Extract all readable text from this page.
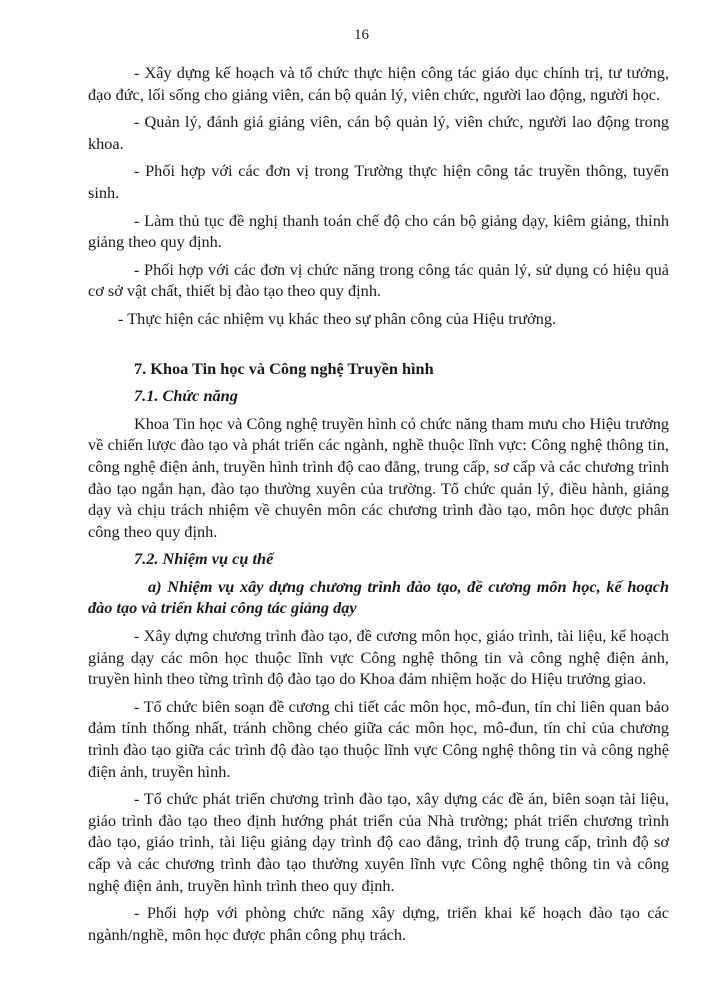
16

- Xây dựng kế hoạch và tổ chức thực hiện công tác giáo dục chính trị, tư tưởng, đạo đức, lối sống cho giảng viên, cán bộ quản lý, viên chức, người lao động, người học.

- Quản lý, đánh giá giảng viên, cán bộ quản lý, viên chức, người lao động trong khoa.

- Phối hợp với các đơn vị trong Trường thực hiện công tác truyền thông, tuyển sinh.

- Làm thủ tục đề nghị thanh toán chế độ cho cán bộ giảng dạy, kiêm giảng, thỉnh giảng theo quy định.

- Phối hợp với các đơn vị chức năng trong công tác quản lý, sử dụng có hiệu quả cơ sở vật chất, thiết bị đào tạo theo quy định.

- Thực hiện các nhiệm vụ khác theo sự phân công của Hiệu trưởng.

7. Khoa Tin học và Công nghệ Truyền hình

7.1. Chức năng

Khoa Tin học và Công nghệ truyền hình có chức năng tham mưu cho Hiệu trưởng về chiến lược đào tạo và phát triển các ngành, nghề thuộc lĩnh vực: Công nghệ thông tin, công nghệ điện ảnh, truyền hình trình độ cao đẳng, trung cấp, sơ cấp và các chương trình đào tạo ngắn hạn, đào tạo thường xuyên của trường. Tổ chức quản lý, điều hành, giảng dạy và chịu trách nhiệm về chuyên môn các chương trình đào tạo, môn học được phân công theo quy định.

7.2. Nhiệm vụ cụ thể

a) Nhiệm vụ xây dựng chương trình đào tạo, đề cương môn học, kế hoạch đào tạo và triển khai công tác giảng dạy

- Xây dựng chương trình đào tạo, đề cương môn học, giáo trình, tài liệu, kế hoạch giảng dạy các môn học thuộc lĩnh vực Công nghệ thông tin và công nghệ điện ảnh, truyền hình theo từng trình độ đào tạo do Khoa đảm nhiệm hoặc do Hiệu trưởng giao.

- Tổ chức biên soạn đề cương chi tiết các môn học, mô-đun, tín chỉ liên quan bảo đảm tính thống nhất, tránh chồng chéo giữa các môn học, mô-đun, tín chỉ của chương trình đào tạo giữa các trình độ đào tạo thuộc lĩnh vực Công nghệ thông tin và công nghệ điện ảnh, truyền hình.

- Tổ chức phát triển chương trình đào tạo, xây dựng các đề án, biên soạn tài liệu, giáo trình đào tạo theo định hướng phát triển của Nhà trường; phát triển chương trình đào tạo, giáo trình, tài liệu giảng dạy trình độ cao đẳng, trình độ trung cấp, trình độ sơ cấp và các chương trình đào tạo thường xuyên lĩnh vực Công nghệ thông tin và công nghệ điện ảnh, truyền hình trình theo quy định.

- Phối hợp với phòng chức năng xây dựng, triển khai kế hoạch đào tạo các ngành/nghề, môn học được phân công phụ trách.
